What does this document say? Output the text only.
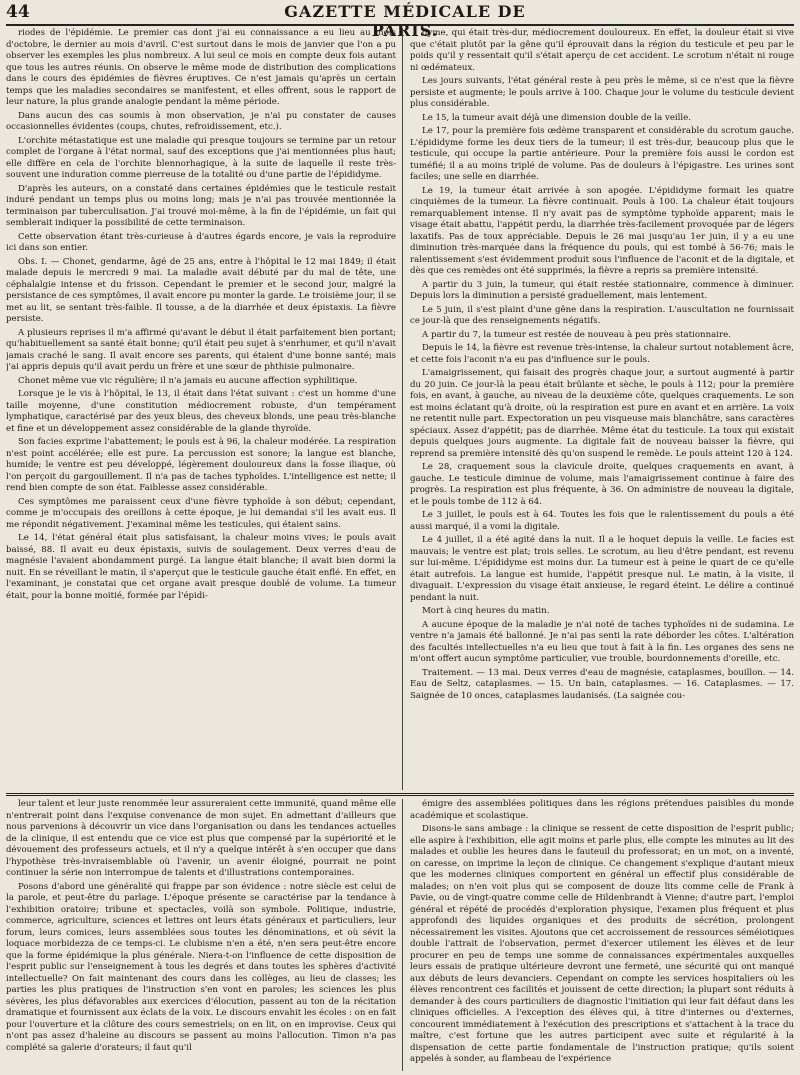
44	GAZETTE MÉDICALE DE PARIS.

riodes de l'épidémie. Le premier cas dont j'ai eu connaissance a eu lieu au mois d'octobre, le dernier au mois d'avril. C'est surtout dans le mois de janvier que l'on a pu observer les exemples les plus nombreux. A lui seul ce mois en compte deux fois autant que tous les autres réunis. On observe le même mode de distribution des complications dans le cours des épidémies de fièvres éruptives. Ce n'est jamais qu'après un certain temps que les maladies secondaires se manifestent, et elles offrent, sous le rapport de leur nature, la plus grande analogie pendant la même période.

Dans aucun des cas soumis à mon observation, je n'ai pu constater de causes occasionnelles évidentes (coups, chutes, refroidissement, etc.).

L'orchite métastatique est une maladie qui presque toujours se termine par un retour complet de l'organe à l'état normal, sauf des exceptions que j'ai mentionnées plus haut; elle diffère en cela de l'orchite blennorhagique, à la suite de laquelle il reste très-souvent une induration comme pierreuse de la totalité ou d'une partie de l'épididyme.

D'après les auteurs, on a constaté dans certaines épidémies que le testicule restait induré pendant un temps plus ou moins long; mais je n'ai pas trouvée mentionnée la terminaison par tuberculisation. J'ai trouvé moi-même, à la fin de l'épidémie, un fait qui semblerait indiquer la possibilité de cette terminaison.

Cette observation étant très-curieuse à d'autres égards encore, je vais la reproduire ici dans son entier.

Obs. I. — Chonet, gendarme, âgé de 25 ans, entre à l'hôpital le 12 mai 1849; il était malade depuis le mercredi 9 mai. La maladie avait débuté par du mal de tête, une céphalalgie intense et du frisson. Cependant le premier et le second jour, malgré la persistance de ces symptômes, il avait encore pu monter la garde. Le troisième jour, il se met au lit, se sentant très-faible. Il tousse, a de la diarrhée et deux épistaxis. La fièvre persiste.

A plusieurs reprises il m'a affirmé qu'avant le début il était parfaitement bien portant; qu'habituellement sa santé était bonne; qu'il était peu sujet à s'enrhumer, et qu'il n'avait jamais craché le sang. Il avait encore ses parents, qui étaient d'une bonne santé; mais j'ai appris depuis qu'il avait perdu un frère et une sœur de phthisie pulmonaire.

Chonet même vue vic régulière; il n'a jamais eu aucune affection syphilitique.

Lorsque je le vis à l'hôpital, le 13, il était dans l'état suivant : c'est un homme d'une taille moyenne, d'une constitution médiocrement robuste, d'un tempérament lymphatique, caractérisé par des yeux bleus, des cheveux blonds, une peau très-blanche et fine et un développement assez considérable de la glande thyroïde.

Son facies exprime l'abattement; le pouls est à 96, la chaleur modérée. La respiration n'est point accélérée; elle est pure. La percussion est sonore; la langue est blanche, humide; le ventre est peu développé, légèrement douloureux dans la fosse iliaque, où l'on perçoit du gargouillement. Il n'a pas de taches typhoïdes. L'intelligence est nette; il rend bien compte de son état. Faiblesse assez considérable.

Ces symptômes me paraissent ceux d'une fièvre typhoïde à son début; cependant, comme je m'occupais des oreillons à cette époque, je lui demandai s'il les avait eus. Il me répondit négativement. J'examinai même les testicules, qui étaient sains.

Le 14, l'état général était plus satisfaisant, la chaleur moins vives; le pouls avait baissé, 88. Il avait eu deux épistaxis, suivis de soulagement. Deux verres d'eau de magnésie l'avaient abondamment purgé. La langue était blanche; il avait bien dormi la nuit. En se réveillant le matin, il s'aperçut que le testicule gauche était enflé. En effet, en l'examinant, je constatai que cet organe avait presque doublé de volume. La tumeur était, pour la bonne moitié, formée par l'épidi-

dyme, qui était très-dur, médiocrement douloureux. En effet, la douleur était si vive que c'était plutôt par la gêne qu'il éprouvait dans la région du testicule et peu par le poids qu'il y ressentait qu'il s'était aperçu de cet accident. Le scrotum n'était ni rouge ni œdémateux.

Les jours suivants, l'état général reste à peu près le même, si ce n'est que la fièvre persiste et augmente; le pouls arrive à 100. Chaque jour le volume du testicule devient plus considérable.

Le 15, la tumeur avait déjà une dimension double de la veille.

Le 17, pour la première fois œdème transparent et considérable du scrotum gauche. L'épididyme forme les deux tiers de la tumeur; il est très-dur, beaucoup plus que le testicule, qui occupe la partie antérieure. Pour la première fois aussi le cordon est tuméfié; il a au moins triplé de volume. Pas de douleurs à l'épigastre. Les urines sont faciles; une selle en diarrhée.

Le 19, la tumeur était arrivée à son apogée. L'épididyme formait les quatre cinquièmes de la tumeur. La fièvre continuait. Pouls à 100. La chaleur était toujours remarquablement intense. Il n'y avait pas de symptôme typhoïde apparent; mais le visage était abattu, l'appétit perdu, la diarrhée très-facilement provoquée par de légers laxatifs. Pas de toux appréciable. Depuis le 26 mai jusqu'au 1er juin, il y a eu une diminution très-marquée dans la fréquence du pouls, qui est tombé à 56-76; mais le ralentissement s'est évidemment produit sous l'influence de l'aconit et de la digitale, et dès que ces remèdes ont été supprimés, la fièvre a repris sa première intensité.

A partir du 3 juin, la tumeur, qui était restée stationnaire, commence à diminuer. Depuis lors la diminution a persisté graduellement, mais lentement.

Le 5 juin, il s'est plaint d'une gêne dans la respiration. L'auscultation ne fournissait ce jour-là que des renseignements négatifs.

A partir du 7, la tumeur est restée de nouveau à peu près stationnaire.

Depuis le 14, la fièvre est revenue très-intense, la chaleur surtout notablement âcre, et cette fois l'aconit n'a eu pas d'influence sur le pouls.

L'amaigrissement, qui faisait des progrès chaque jour, a surtout augmenté à partir du 20 juin. Ce jour-là la peau était brûlante et sèche, le pouls à 112; pour la première fois, en avant, à gauche, au niveau de la deuxième côte, quelques craquements. Le son est moins éclatant qu'à droite, où la respiration est pure en avant et en arrière. La voix ne retentit nulle part. Expectoration un peu visqueuse mais blanchâtre, sans caractères spéciaux. Assez d'appétit; pas de diarrhée. Même état du testicule. La toux qui existait depuis quelques jours augmente. La digitale fait de nouveau baisser la fièvre, qui reprend sa première intensité dès qu'on suspend le remède. Le pouls atteint 120 à 124.

Le 28, craquement sous la clavicule droite, quelques craquements en avant, à gauche. Le testicule diminue de volume, mais l'amaigrissement continue à faire des progrès. La respiration est plus fréquente, à 36. On administre de nouveau la digitale, et le pouls tombe de 112 à 64.

Le 3 juillet, le pouls est à 64. Toutes les fois que le ralentissement du pouls a été aussi marqué, il a vomi la digitale.

Le 4 juillet, il a été agité dans la nuit. Il a le hoquet depuis la veille. Le facies est mauvais; le ventre est plat; trois selles. Le scrotum, au lieu d'être pendant, est revenu sur lui-même. L'épididyme est moins dur. La tumeur est à peine le quart de ce qu'elle était autrefois. La langue est humide, l'appétit presque nul. Le matin, à la visite, il divaguait. L'expression du visage était anxieuse, le regard éteint. Le délire a continué pendant la nuit.

Mort à cinq heures du matin.

A aucune époque de la maladie je n'ai noté de taches typhoïdes ni de sudamina. Le ventre n'a jamais été ballonné. Je n'ai pas senti la rate déborder les côtes. L'altération des facultés intellectuelles n'a eu lieu que tout à fait à la fin. Les organes des sens ne m'ont offert aucun symptôme particulier, vue trouble, bourdonnements d'oreille, etc.

Traitement. — 13 mai. Deux verres d'eau de magnésie, cataplasmes, bouillon. — 14. Eau de Seltz, cataplasmes. — 15. Un bain, cataplasmes. — 16. Cataplasmes. — 17. Saignée de 10 onces, cataplasmes laudanisés. (La saignée cou-

leur talent et leur juste renommée leur assureraient cette immunité, quand même elle n'entrerait point dans l'exquise convenance de mon sujet. En admettant d'ailleurs que nous parvenions à découvrir un vice dans l'organisation ou dans les tendances actuelles de la clinique, il est entendu que ce vice est plus que compensé par la supériorité et le dévouement des professeurs actuels, et il n'y a quelque intérêt à s'en occuper que dans l'hypothèse très-invraisemblable où l'avenir, un avenir éloigné, pourrait ne point continuer la série non interrompue de talents et d'illustrations contemporaines.

Posons d'abord une généralité qui frappe par son évidence : notre siècle est celui de la parole, et peut-être du parlage. L'époque présente se caractérise par la tendance à l'exhibition oratoire; tribune et spectacles, voilà son symbole. Politique, industrie, commerce, agriculture, sciences et lettres ont leurs états généraux et particuliers, leur forum, leurs comices, leurs assemblées sous toutes les dénominations, et où sévit la loquace morbidezza de ce temps-ci. Le clubisme n'en a été, n'en sera peut-être encore que la forme épidémique la plus générale. Niera-t-on l'influence de cette disposition de l'esprit public sur l'enseignement à tous les degrés et dans toutes les sphères d'activité intellectuelle? On fait maintenant des cours dans les collèges, au lieu de classes; les parties les plus pratiques de l'instruction s'en vont en paroles; les sciences les plus sévères, les plus défavorables aux exercices d'élocution, passent au ton de la récitation dramatique et fournissent aux éclats de la voix. Le discours envahit les écoles : on en fait pour l'ouverture et la clôture des cours semestriels; on en lit, on en improvise. Ceux qui n'ont pas assez d'haleine au discours se passent au moins l'allocution. Timon n'a pas complété sa galerie d'orateurs; il faut qu'il

émigre des assemblées politiques dans les régions prétendues paisibles du monde académique et scolastique.

Disons-le sans ambage : la clinique se ressent de cette disposition de l'esprit public; elle aspire à l'exhibition, elle agit moins et parle plus, elle compte les minutes au lit des malades et oublie les heures dans le fauteuil du professorat; en un mot, on a inventé, on caresse, on imprime la leçon de clinique. Ce changement s'explique d'autant mieux que les modernes cliniques comportent en général un effectif plus considérable de malades; on n'en voit plus qui se composent de douze lits comme celle de Frank à Pavie, ou de vingt-quatre comme celle de Hildenbrandt à Vienne; d'autre part, l'emploi général et répété de procédés d'exploration physique, l'examen plus fréquent et plus approfondi des liquides organiques et des produits de sécrétion, prolongent nécessairement les visites. Ajoutons que cet accroissement de ressources séméiotiques double l'attrait de l'observation, permet d'exercer utilement les élèves et de leur procurer en peu de temps une somme de connaissances expérimentales auxquelles leurs essais de pratique ultérieure devront une fermeté, une sécurité qui ont manqué aux débuts de leurs devanciers. Cependant on compte les services hospitaliers où les élèves rencontrent ces facilités et jouissent de cette direction; la plupart sont réduits à demander à des cours particuliers de diagnostic l'initiation qui leur fait défaut dans les cliniques officielles. A l'exception des élèves qui, à titre d'internes ou d'externes, concourent immédiatement à l'exécution des prescriptions et s'attachent à la trace du maître, c'est fortune que les autres participent avec suite et régularité à la dispensation de cette partie fondamentale de l'instruction pratique; qu'ils soient appelés à sonder, au flambeau de l'expérience
